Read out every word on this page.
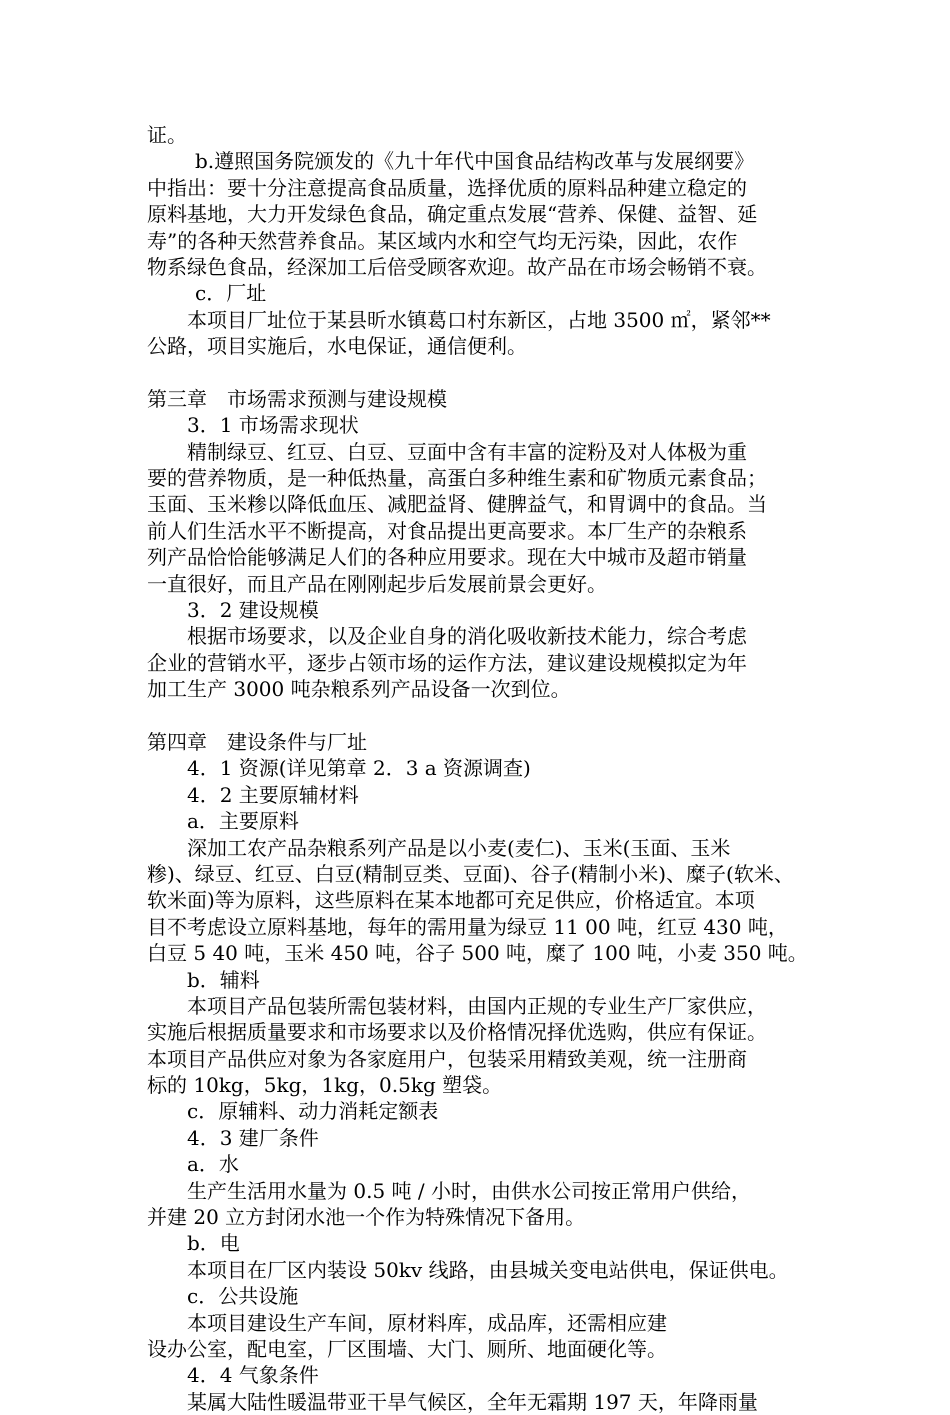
证。
b.遵照国务院颁发的《九十年代中国食品结构改革与发展纲要》
中指出：要十分注意提高食品质量，选择优质的原料品种建立稳定的
原料基地，大力开发绿色食品，确定重点发展“营养、保健、益智、延
寿”的各种天然营养食品。某区域内水和空气均无污染，因此，农作
物系绿色食品，经深加工后倍受顾客欢迎。故产品在市场会畅销不衰。
c．厂址
本项目厂址位于某县昕水镇葛口村东新区，占地 3500 ㎡，紧邻**
公路，项目实施后，水电保证，通信便利。
第三章　市场需求预测与建设规模
3．1 市场需求现状
精制绿豆、红豆、白豆、豆面中含有丰富的淀粉及对人体极为重
要的营养物质，是一种低热量，高蛋白多种维生素和矿物质元素食品；
玉面、玉米糁以降低血压、减肥益肾、健脾益气，和胃调中的食品。当
前人们生活水平不断提高，对食品提出更高要求。本厂生产的杂粮系
列产品恰恰能够满足人们的各种应用要求。现在大中城市及超市销量
一直很好，而且产品在刚刚起步后发展前景会更好。
3．2 建设规模
根据市场要求，以及企业自身的消化吸收新技术能力，综合考虑
企业的营销水平，逐步占领市场的运作方法，建议建设规模拟定为年
加工生产 3000 吨杂粮系列产品设备一次到位。
第四章　建设条件与厂址
4．1 资源(详见第章 2．3 a 资源调查)
4．2 主要原辅材料
a．主要原料
深加工农产品杂粮系列产品是以小麦(麦仁)、玉米(玉面、玉米
糁)、绿豆、红豆、白豆(精制豆类、豆面)、谷子(精制小米)、糜子(软米、
软米面)等为原料，这些原料在某本地都可充足供应，价格适宜。本项
目不考虑设立原料基地，每年的需用量为绿豆 11 00 吨，红豆 430 吨，
白豆 5 40 吨，玉米 450 吨，谷子 500 吨，糜了 100 吨，小麦 350 吨。
b．辅料
本项目产品包装所需包装材料，由国内正规的专业生产厂家供应，
实施后根据质量要求和市场要求以及价格情况择优选购，供应有保证。
本项目产品供应对象为各家庭用户，包装采用精致美观，统一注册商
标的 10kg，5kg，1kg，0.5kg 塑袋。
c．原辅料、动力消耗定额表
4．3 建厂条件
a．水
生产生活用水量为 0.5 吨 / 小时，由供水公司按正常用户供给，
并建 20 立方封闭水池一个作为特殊情况下备用。
b．电
本项目在厂区内装设 50kv 线路，由县城关变电站供电，保证供电。
c．公共设施
本项目建设生产车间，原材料库，成品库，还需相应建
设办公室，配电室，厂区围墙、大门、厕所、地面硬化等。
4．4 气象条件
某属大陆性暖温带亚干旱气候区，全年无霜期 197 天，年降雨量
